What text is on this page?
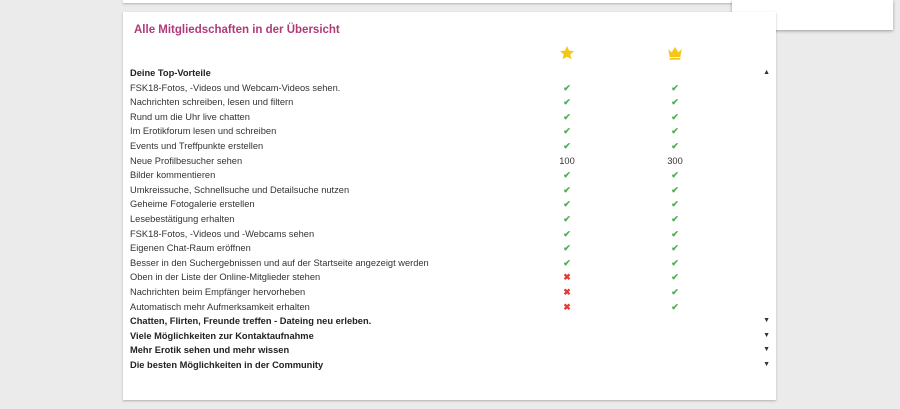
Alle Mitgliedschaften in der Übersicht
Deine Top-Vorteile	▲
FSK18-Fotos, -Videos und Webcam-Videos sehen.	✔	✔
Nachrichten schreiben, lesen und filtern	✔	✔
Rund um die Uhr live chatten	✔	✔
Im Erotikforum lesen und schreiben	✔	✔
Events und Treffpunkte erstellen	✔	✔
Neue Profilbesucher sehen	100	300
Bilder kommentieren	✔	✔
Umkreissuche, Schnellsuche und Detailsuche nutzen	✔	✔
Geheime Fotogalerie erstellen	✔	✔
Lesebestätigung erhalten	✔	✔
FSK18-Fotos, -Videos und -Webcams sehen	✔	✔
Eigenen Chat-Raum eröffnen	✔	✔
Besser in den Suchergebnissen und auf der Startseite angezeigt werden	✔	✔
Oben in der Liste der Online-Mitglieder stehen	✖	✔
Nachrichten beim Empfänger hervorheben	✖	✔
Automatisch mehr Aufmerksamkeit erhalten	✖	✔
Chatten, Flirten, Freunde treffen - Dateing neu erleben.	▼
Viele Möglichkeiten zur Kontaktaufnahme	▼
Mehr Erotik sehen und mehr wissen	▼
Die besten Möglichkeiten in der Community	▼
